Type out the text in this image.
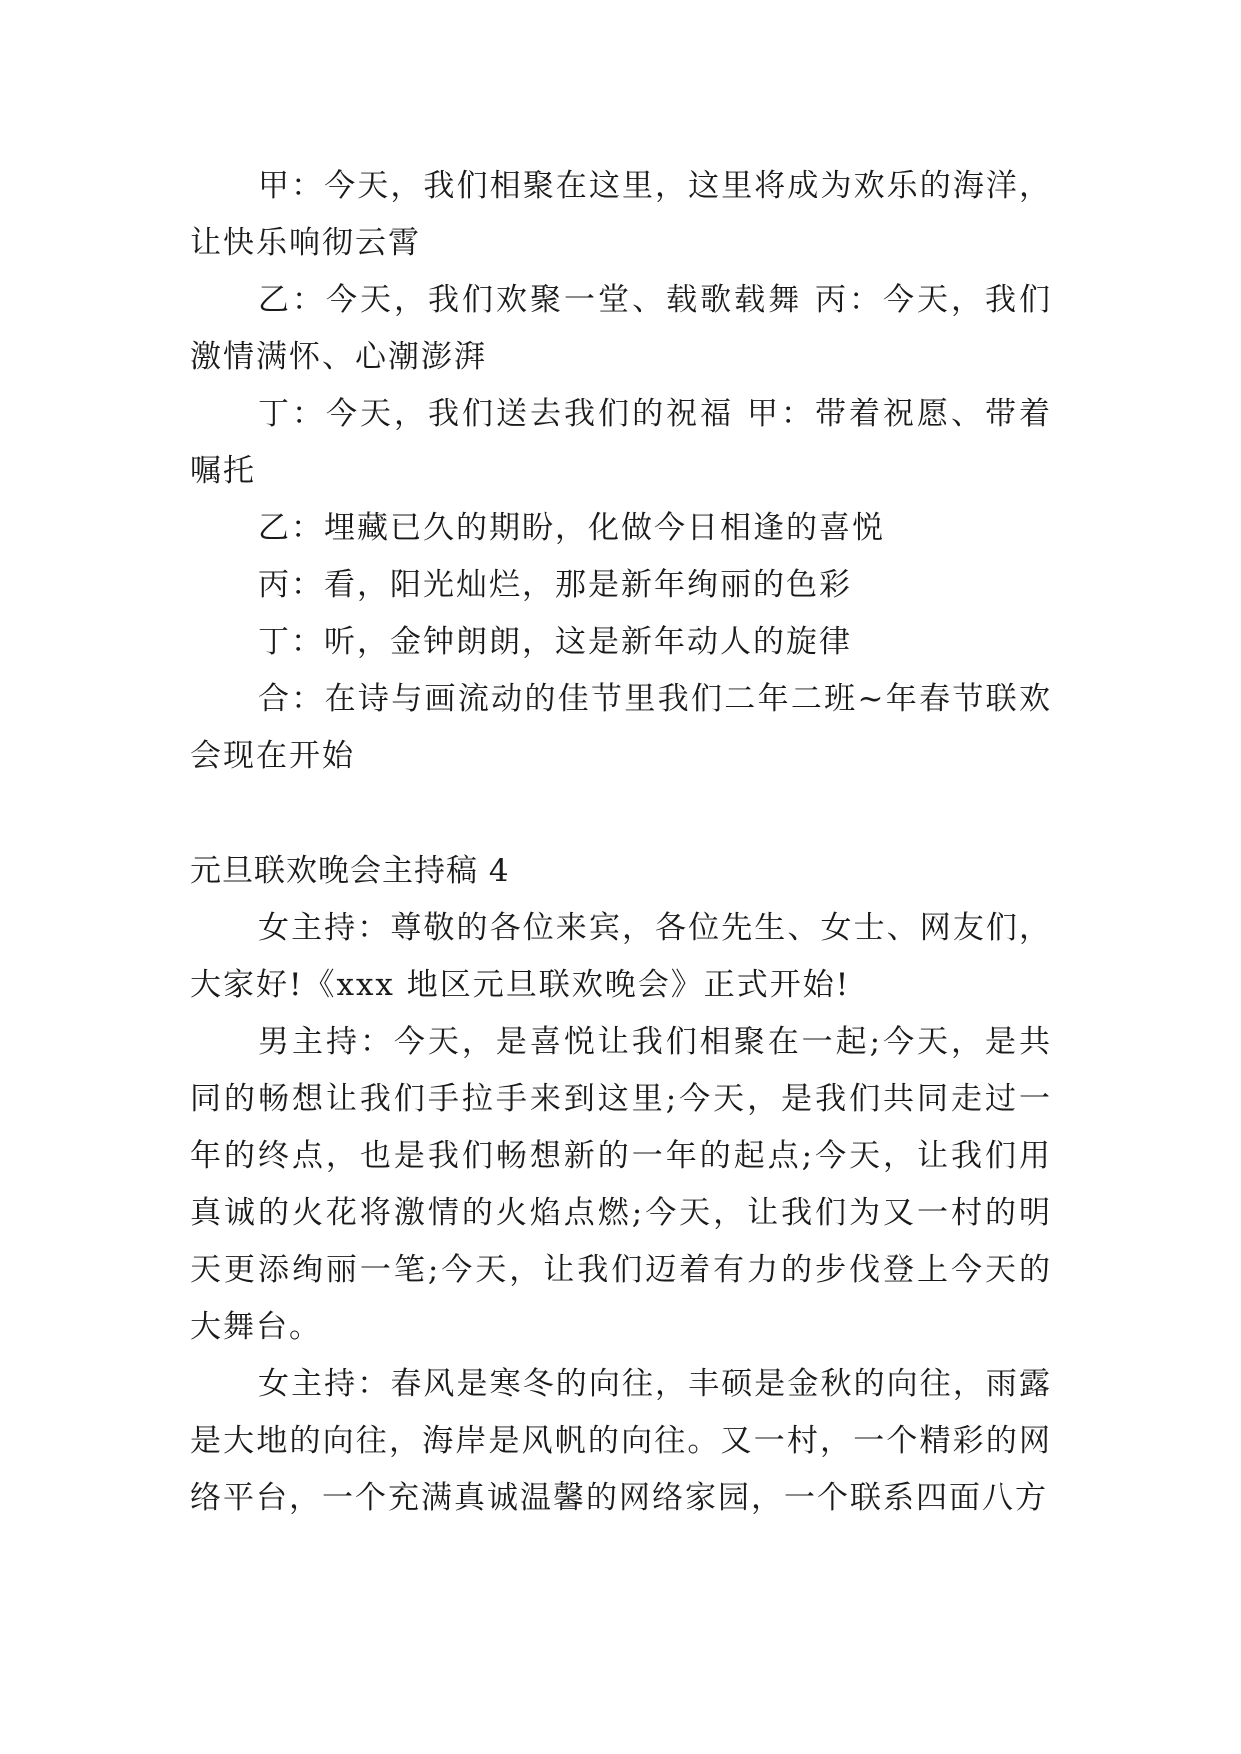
甲：今天，我们相聚在这里，这里将成为欢乐的海洋，让快乐响彻云霄

乙：今天，我们欢聚一堂、载歌载舞 丙：今天，我们激情满怀、心潮澎湃

丁：今天，我们送去我们的祝福 甲：带着祝愿、带着嘱托

乙：埋藏已久的期盼，化做今日相逢的喜悦

丙：看，阳光灿烂，那是新年绚丽的色彩

丁：听，金钟朗朗，这是新年动人的旋律

合：在诗与画流动的佳节里我们二年二班~年春节联欢会现在开始

元旦联欢晚会主持稿 4

女主持：尊敬的各位来宾，各位先生、女士、网友们，大家好!《xxx 地区元旦联欢晚会》正式开始!

男主持：今天，是喜悦让我们相聚在一起;今天，是共同的畅想让我们手拉手来到这里;今天，是我们共同走过一年的终点，也是我们畅想新的一年的起点;今天，让我们用真诚的火花将激情的火焰点燃;今天，让我们为又一村的明天更添绚丽一笔;今天，让我们迈着有力的步伐登上今天的大舞台。

女主持：春风是寒冬的向往，丰硕是金秋的向往，雨露是大地的向往，海岸是风帆的向往。又一村，一个精彩的网络平台，一个充满真诚温馨的网络家园，一个联系四面八方
